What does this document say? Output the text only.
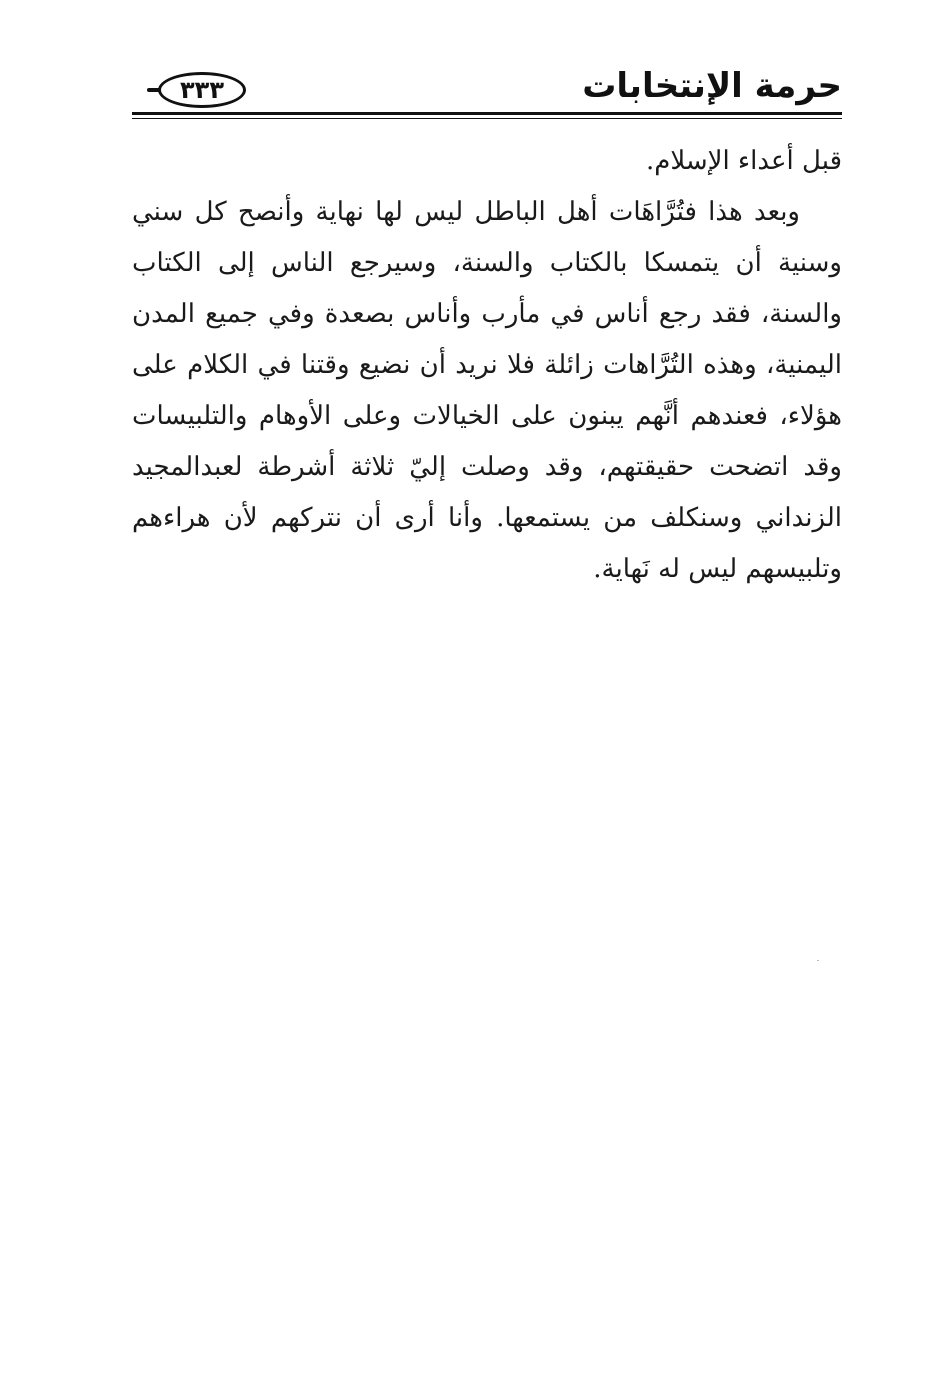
حرمة الإنتخابات
٣٣٣

قبل أعداء الإسلام.

وبعد هذا فتُرَّاهَات أهل الباطل ليس لها نهاية وأنصح كل سني وسنية أن يتمسكا بالكتاب والسنة، وسيرجع الناس إلى الكتاب والسنة، فقد رجع أناس في مأرب وأناس بصعدة وفي جميع المدن اليمنية، وهذه التُرَّاهات زائلة فلا نريد أن نضيع وقتنا في الكلام على هؤلاء، فعندهم أنَّهم يبنون على الخيالات وعلى الأوهام والتلبيسات وقد اتضحت حقيقتهم، وقد وصلت إليّ ثلاثة أشرطة لعبدالمجيد الزنداني وسنكلف من يستمعها. وأنا أرى أن نتركهم لأن هراءهم وتلبيسهم ليس له نَهاية.
